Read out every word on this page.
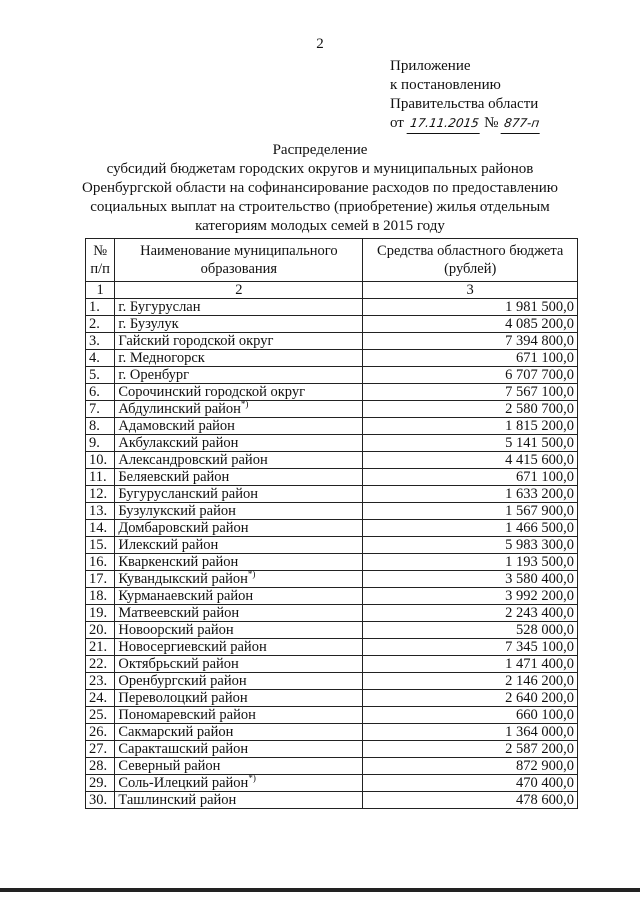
2
Приложение
к постановлению
Правительства области
от 17.11.2015 № 877-п
Распределение
субсидий бюджетам городских округов и муниципальных районов
Оренбургской области на софинансирование расходов по предоставлению
социальных выплат на строительство (приобретение) жилья отдельным
категориям молодых семей в 2015 году
№ п/п	Наименование муниципального образования	Средства областного бюджета (рублей)
1	2	3
1.	г. Бугуруслан	1 981 500,0
2.	г. Бузулук	4 085 200,0
3.	Гайский городской округ	7 394 800,0
4.	г. Медногорск	671 100,0
5.	г. Оренбург	6 707 700,0
6.	Сорочинский городской округ	7 567 100,0
7.	Абдулинский район*)	2 580 700,0
8.	Адамовский район	1 815 200,0
9.	Акбулакский район	5 141 500,0
10.	Александровский район	4 415 600,0
11.	Беляевский район	671 100,0
12.	Бугурусланский район	1 633 200,0
13.	Бузулукский район	1 567 900,0
14.	Домбаровский район	1 466 500,0
15.	Илекский район	5 983 300,0
16.	Кваркенский район	1 193 500,0
17.	Кувандыкский район*)	3 580 400,0
18.	Курманаевский район	3 992 200,0
19.	Матвеевский район	2 243 400,0
20.	Новоорский район	528 000,0
21.	Новосергиевский район	7 345 100,0
22.	Октябрьский район	1 471 400,0
23.	Оренбургский район	2 146 200,0
24.	Переволоцкий район	2 640 200,0
25.	Пономаревский район	660 100,0
26.	Сакмарский район	1 364 000,0
27.	Саракташский район	2 587 200,0
28.	Северный район	872 900,0
29.	Соль-Илецкий район*)	470 400,0
30.	Ташлинский район	478 600,0
